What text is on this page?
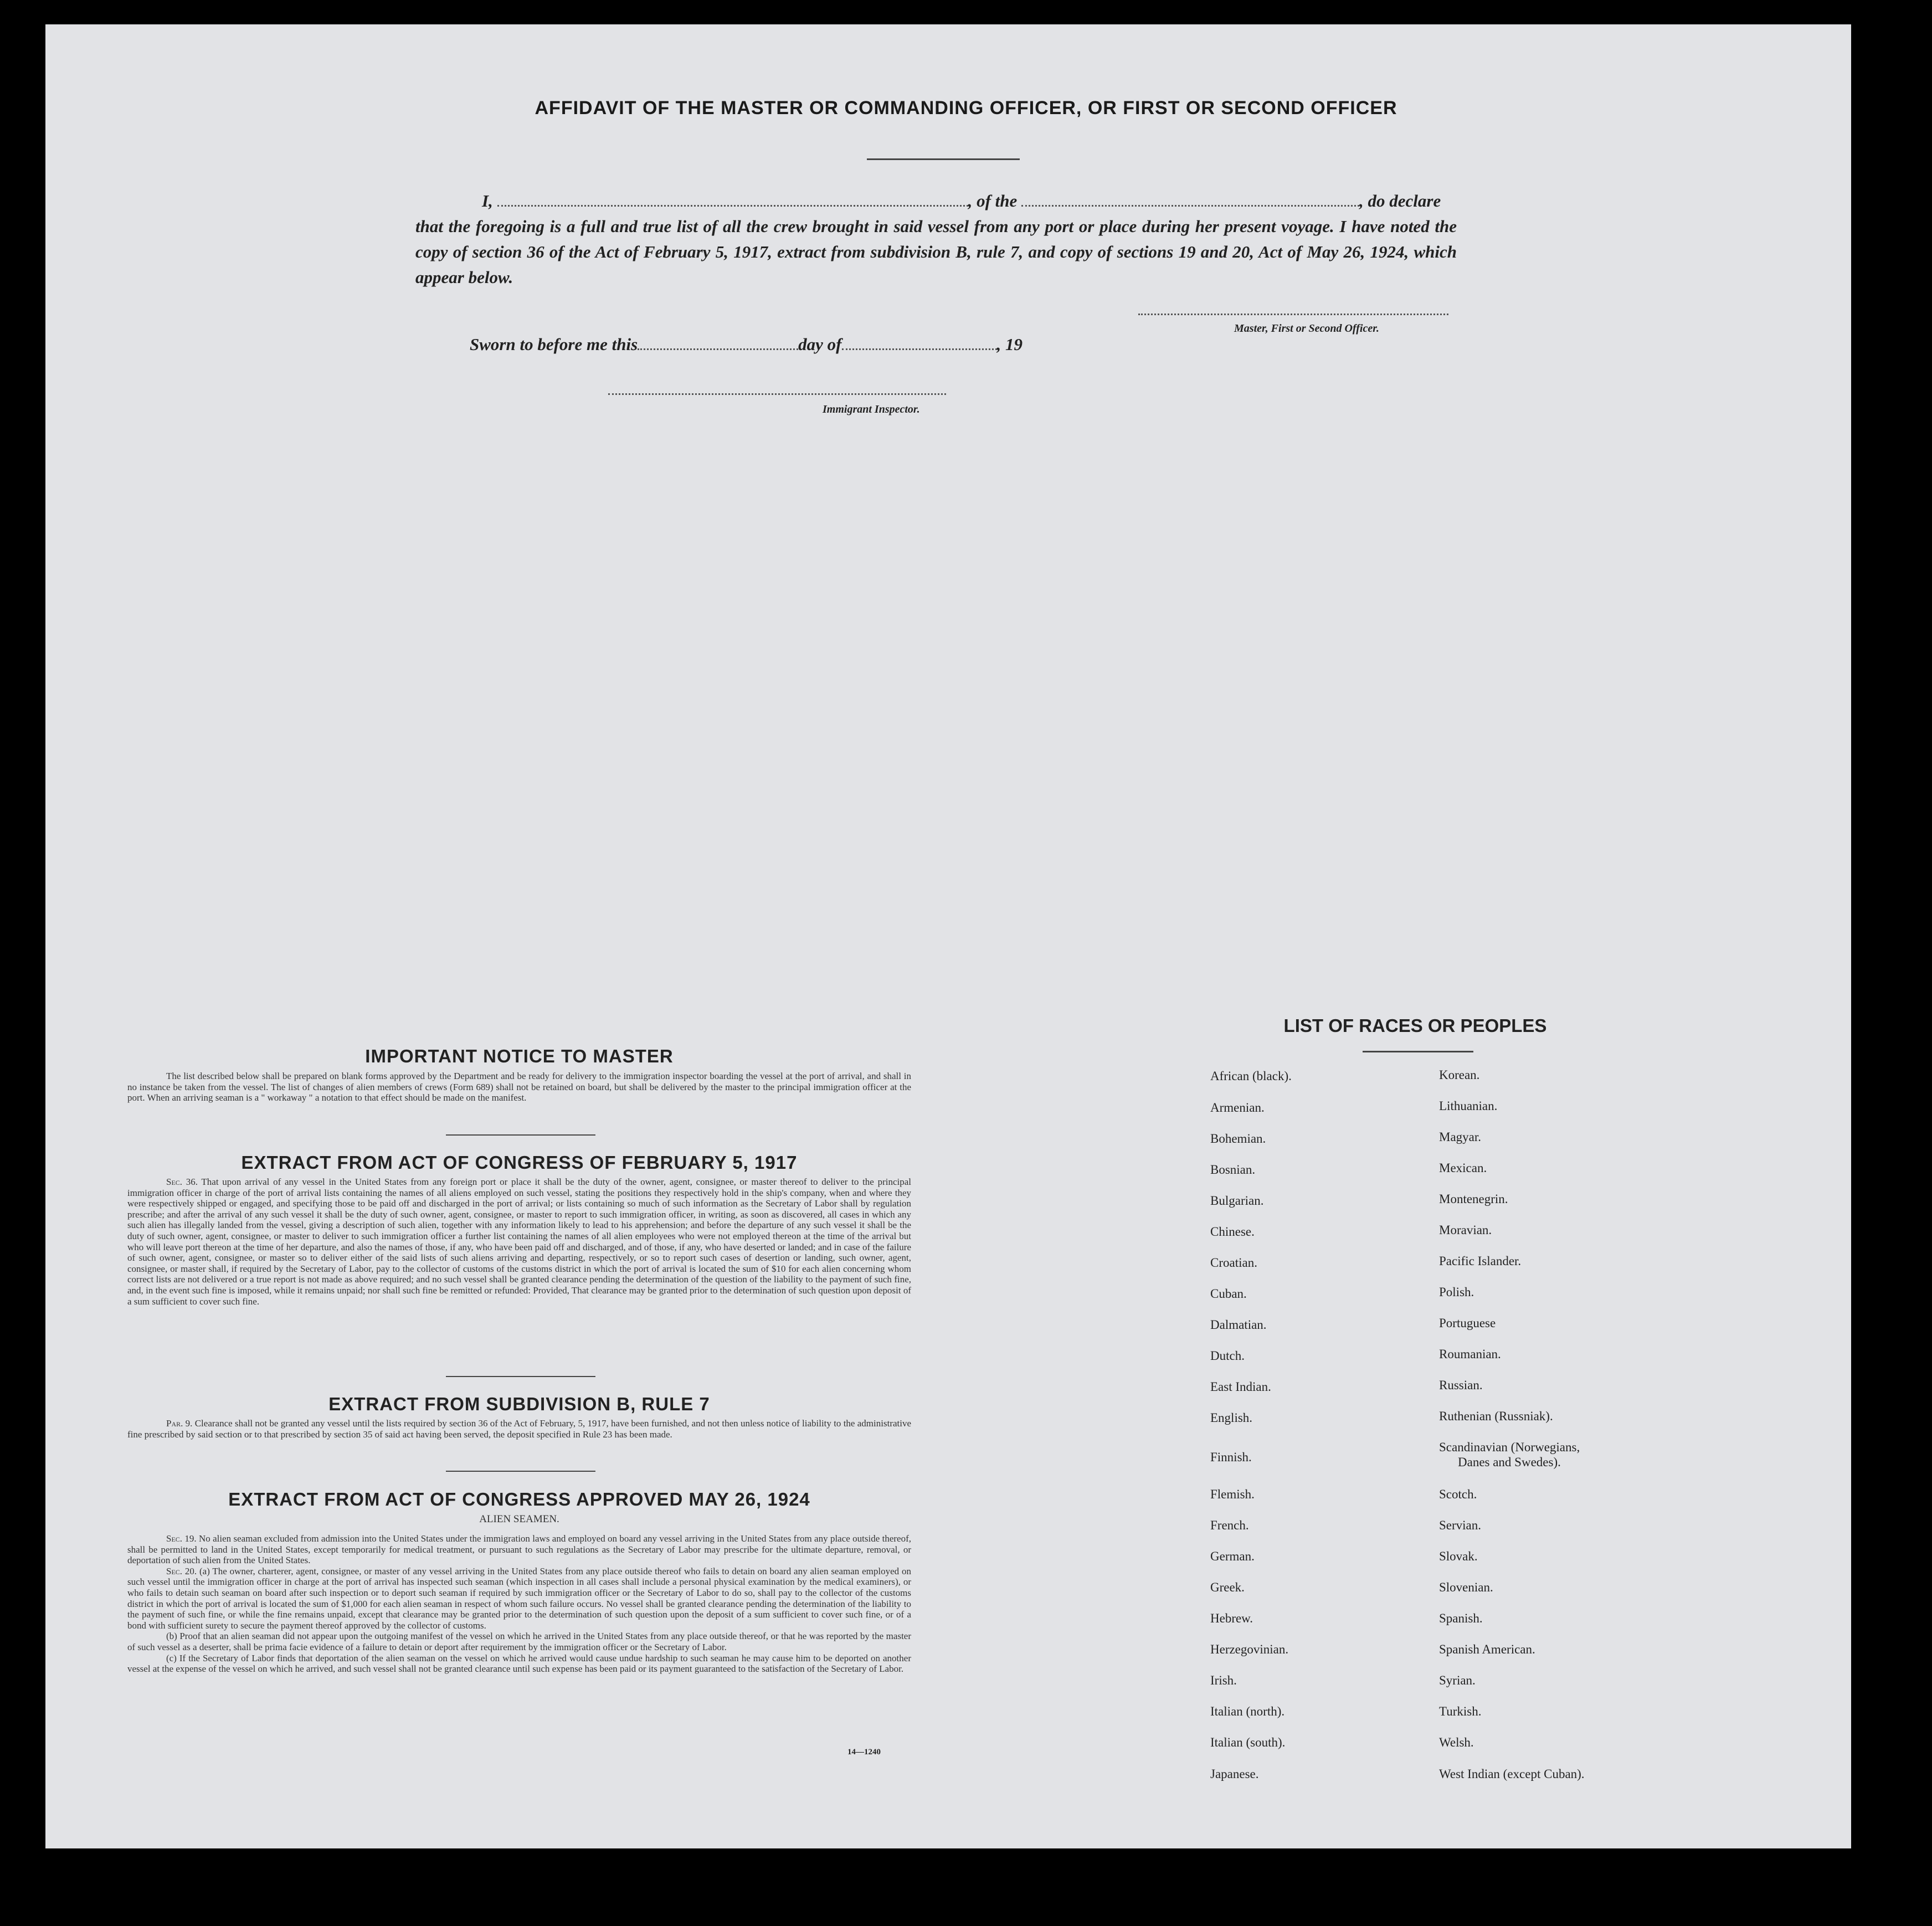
AFFIDAVIT OF THE MASTER OR COMMANDING OFFICER, OR FIRST OR SECOND OFFICER
I,	, of the	, do declare
that the foregoing is a full and true list of all the crew brought in said vessel from any port or place during her present voyage. I have noted the copy of section 36 of the Act of February 5, 1917, extract from subdivision B, rule 7, and copy of sections 19 and 20, Act of May 26, 1924, which appear below.
Master, First or Second Officer.
Sworn to before me this	day of	, 19
Immigrant Inspector.
IMPORTANT NOTICE TO MASTER
The list described below shall be prepared on blank forms approved by the Department and be ready for delivery to the immigration inspector boarding the vessel at the port of arrival, and shall in no instance be taken from the vessel. The list of changes of alien members of crews (Form 689) shall not be retained on board, but shall be delivered by the master to the principal immigration officer at the port. When an arriving seaman is a " workaway " a notation to that effect should be made on the manifest.
EXTRACT FROM ACT OF CONGRESS OF FEBRUARY 5, 1917
Sec. 36. That upon arrival of any vessel in the United States from any foreign port or place it shall be the duty of the owner, agent, consignee, or master thereof to deliver to the principal immigration officer in charge of the port of arrival lists containing the names of all aliens employed on such vessel, stating the positions they respectively hold in the ship's company, when and where they were respectively shipped or engaged, and specifying those to be paid off and discharged in the port of arrival; or lists containing so much of such information as the Secretary of Labor shall by regulation prescribe; and after the arrival of any such vessel it shall be the duty of such owner, agent, consignee, or master to report to such immigration officer, in writing, as soon as discovered, all cases in which any such alien has illegally landed from the vessel, giving a description of such alien, together with any information likely to lead to his apprehension; and before the departure of any such vessel it shall be the duty of such owner, agent, consignee, or master to deliver to such immigration officer a further list containing the names of all alien employees who were not employed thereon at the time of the arrival but who will leave port thereon at the time of her departure, and also the names of those, if any, who have been paid off and discharged, and of those, if any, who have deserted or landed; and in case of the failure of such owner, agent, consignee, or master so to deliver either of the said lists of such aliens arriving and departing, respectively, or so to report such cases of desertion or landing, such owner, agent, consignee, or master shall, if required by the Secretary of Labor, pay to the collector of customs of the customs district in which the port of arrival is located the sum of $10 for each alien concerning whom correct lists are not delivered or a true report is not made as above required; and no such vessel shall be granted clearance pending the determination of the question of the liability to the payment of such fine, and, in the event such fine is imposed, while it remains unpaid; nor shall such fine be remitted or refunded: Provided, That clearance may be granted prior to the determination of such question upon deposit of a sum sufficient to cover such fine.
EXTRACT FROM SUBDIVISION B, RULE 7
Par. 9. Clearance shall not be granted any vessel until the lists required by section 36 of the Act of February, 5, 1917, have been furnished, and not then unless notice of liability to the administrative fine prescribed by said section or to that prescribed by section 35 of said act having been served, the deposit specified in Rule 23 has been made.
EXTRACT FROM ACT OF CONGRESS APPROVED MAY 26, 1924
ALIEN SEAMEN.
Sec. 19. No alien seaman excluded from admission into the United States under the immigration laws and employed on board any vessel arriving in the United States from any place outside thereof, shall be permitted to land in the United States, except temporarily for medical treatment, or pursuant to such regulations as the Secretary of Labor may prescribe for the ultimate departure, removal, or deportation of such alien from the United States.
Sec. 20. (a) The owner, charterer, agent, consignee, or master of any vessel arriving in the United States from any place outside thereof who fails to detain on board any alien seaman employed on such vessel until the immigration officer in charge at the port of arrival has inspected such seaman (which inspection in all cases shall include a personal physical examination by the medical examiners), or who fails to detain such seaman on board after such inspection or to deport such seaman if required by such immigration officer or the Secretary of Labor to do so, shall pay to the collector of the customs district in which the port of arrival is located the sum of $1,000 for each alien seaman in respect of whom such failure occurs. No vessel shall be granted clearance pending the determination of the liability to the payment of such fine, or while the fine remains unpaid, except that clearance may be granted prior to the determination of such question upon the deposit of a sum sufficient to cover such fine, or of a bond with sufficient surety to secure the payment thereof approved by the collector of customs.
(b) Proof that an alien seaman did not appear upon the outgoing manifest of the vessel on which he arrived in the United States from any place outside thereof, or that he was reported by the master of such vessel as a deserter, shall be prima facie evidence of a failure to detain or deport after requirement by the immigration officer or the Secretary of Labor.
(c) If the Secretary of Labor finds that deportation of the alien seaman on the vessel on which he arrived would cause undue hardship to such seaman he may cause him to be deported on another vessel at the expense of the vessel on which he arrived, and such vessel shall not be granted clearance until such expense has been paid or its payment guaranteed to the satisfaction of the Secretary of Labor.
14—1240
LIST OF RACES OR PEOPLES
African (black).
Armenian.
Bohemian.
Bosnian.
Bulgarian.
Chinese.
Croatian.
Cuban.
Dalmatian.
Dutch.
East Indian.
English.
Finnish.
Flemish.
French.
German.
Greek.
Hebrew.
Herzegovinian.
Irish.
Italian (north).
Italian (south).
Japanese.
Korean.
Lithuanian.
Magyar.
Mexican.
Montenegrin.
Moravian.
Pacific Islander.
Polish.
Portuguese
Roumanian.
Russian.
Ruthenian (Russniak).
Scandinavian (Norwegians,
Scotch.
Servian.
Slovak.
Slovenian.
Spanish.
Spanish American.
Syrian.
Turkish.
Welsh.
West Indian (except Cuban).
Danes and Swedes).
